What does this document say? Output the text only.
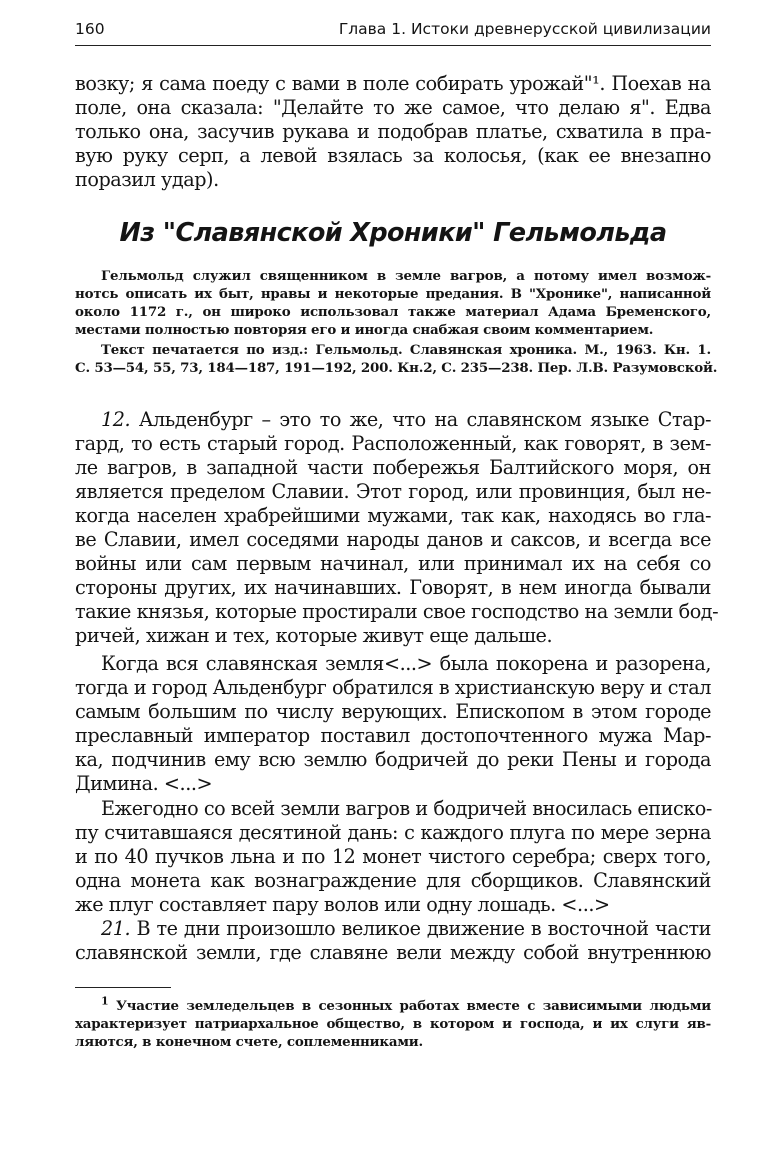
160	Глава 1. Истоки древнерусской цивилизации
возку; я сама поеду с вами в поле собирать урожай"¹. Поехав на
поле, она сказала: "Делайте то же самое, что делаю я". Едва
только она, засучив рукава и подобрав платье, схватила в пра-
вую руку серп, а левой взялась за колосья, (как ее внезапно
поразил удар).
Из "Славянской Хроники" Гельмольда
Гельмольд служил священником в земле вагров, а потому имел возмож-
нотсь описать их быт, нравы и некоторые предания. В "Хронике", написанной
около 1172 г., он широко использовал также материал Адама Бременского,
местами полностью повторяя его и иногда снабжая своим комментарием.
Текст печатается по изд.: Гельмольд. Славянская хроника. М., 1963. Кн. 1.
С. 53—54, 55, 73, 184—187, 191—192, 200. Кн.2, С. 235—238. Пер. Л.В. Разумовской.
12. Альденбург – это то же, что на славянском языке Стар-
гард, то есть старый город. Расположенный, как говорят, в зем-
ле вагров, в западной части побережья Балтийского моря, он
является пределом Славии. Этот город, или провинция, был не-
когда населен храбрейшими мужами, так как, находясь во гла-
ве Славии, имел соседями народы данов и саксов, и всегда все
войны или сам первым начинал, или принимал их на себя со
стороны других, их начинавших. Говорят, в нем иногда бывали
такие князья, которые простирали свое господство на земли бод-
ричей, хижан и тех, которые живут еще дальше.
Когда вся славянская земля<...> была покорена и разорена,
тогда и город Альденбург обратился в христианскую веру и стал
самым большим по числу верующих. Епископом в этом городе
преславный император поставил достопочтенного мужа Мар-
ка, подчинив ему всю землю бодричей до реки Пены и города
Димина. <...>
Ежегодно со всей земли вагров и бодричей вносилась еписко-
пу считавшаяся десятиной дань: с каждого плуга по мере зерна
и по 40 пучков льна и по 12 монет чистого серебра; сверх того,
одна монета как вознаграждение для сборщиков. Славянский
же плуг составляет пару волов или одну лошадь. <...>
21. В те дни произошло великое движение в восточной части
славянской земли, где славяне вели между собой внутреннюю
$^1$ Участие земледельцев в сезонных работах вместе с зависимыми людьми
характеризует патриархальное общество, в котором и господа, и их слуги яв-
ляются, в конечном счете, соплеменниками.
